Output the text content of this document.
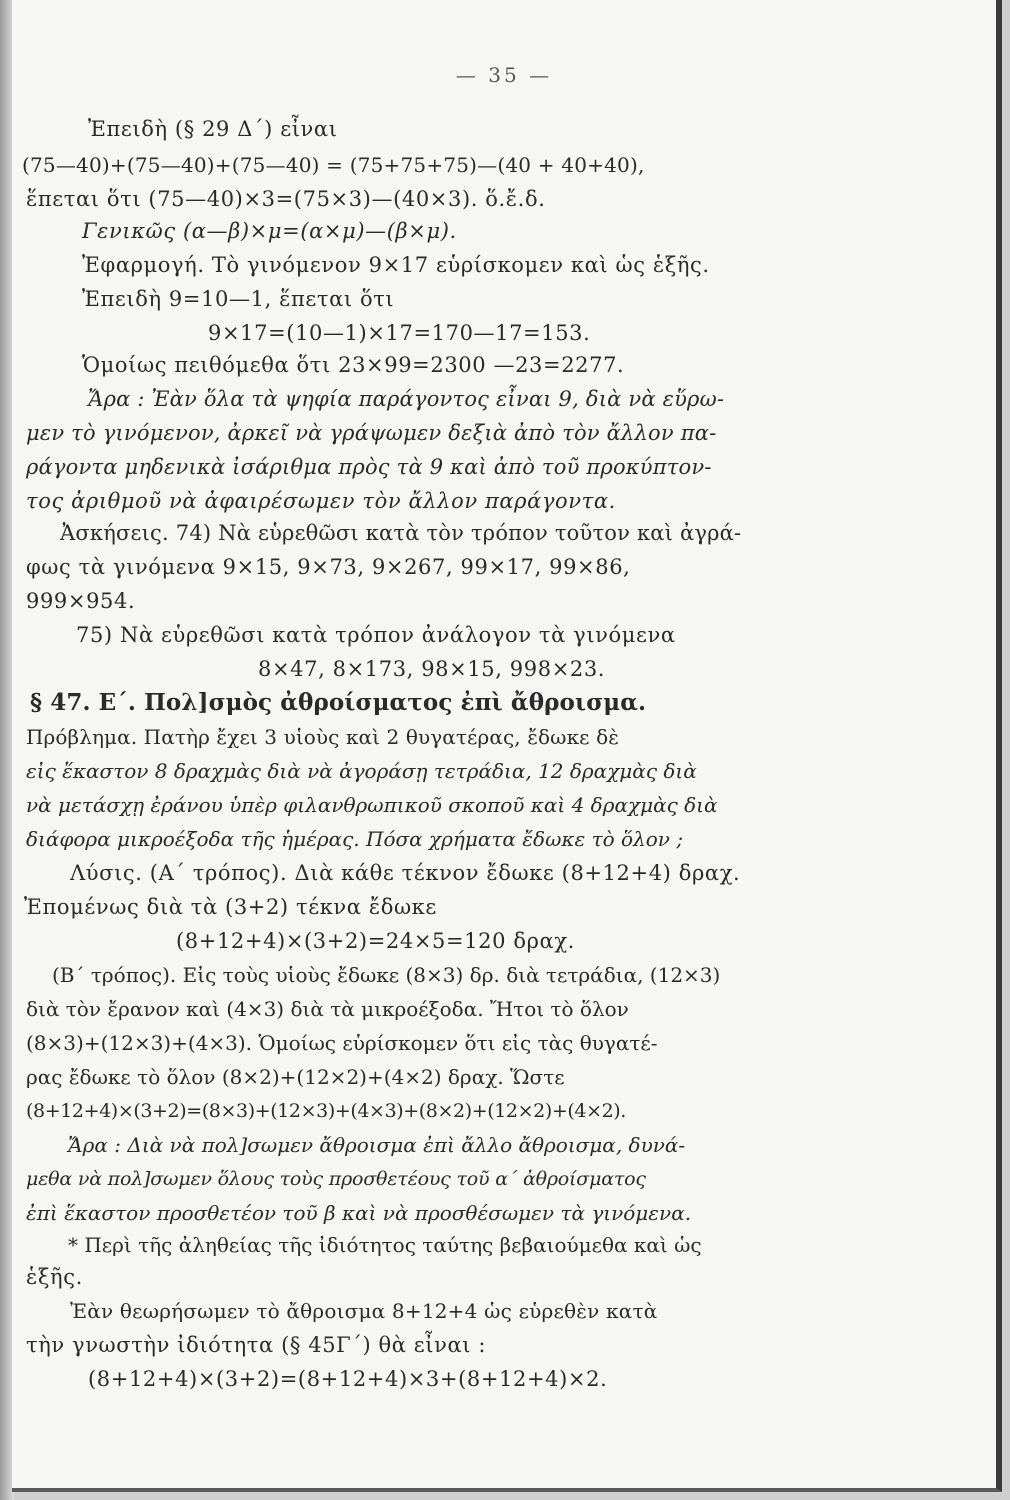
— 35 —
Ἐπειδὴ (§ 29 Δ΄) εἶναι
(75—40)+(75—40)+(75—40) = (75+75+75)—(40 + 40+40),
ἕπεται ὅτι (75—40)×3=(75×3)—(40×3). ὅ.ἔ.δ.
Γενικῶς (α—β)×μ=(α×μ)—(β×μ).
Ἐφαρμογή. Τὸ γινόμενον 9×17 εὑρίσκομεν καὶ ὡς ἑξῆς.
Ἐπειδὴ 9=10—1, ἕπεται ὅτι
9×17=(10—1)×17=170—17=153.
Ὁμοίως πειθόμεθα ὅτι 23×99=2300 —23=2277.
Ἄρα : Ἐὰν ὅλα τὰ ψηφία παράγοντος εἶναι 9, διὰ νὰ εὕρω-
μεν τὸ γινόμενον, ἀρκεῖ νὰ γράψωμεν δεξιὰ ἀπὸ τὸν ἄλλον πα-
ράγοντα μηδενικὰ ἰσάριθμα πρὸς τὰ 9 καὶ ἀπὸ τοῦ προκύπτον-
τος ἀριθμοῦ νὰ ἀφαιρέσωμεν τὸν ἄλλον παράγοντα.
Ἀσκήσεις. 74) Νὰ εὑρεθῶσι κατὰ τὸν τρόπον τοῦτον καὶ ἀγρά-
φως τὰ γινόμενα 9×15, 9×73, 9×267, 99×17, 99×86,
999×954.
75) Νὰ εὑρεθῶσι κατὰ τρόπον ἀνάλογον τὰ γινόμενα
8×47, 8×173, 98×15, 998×23.
§ 47. Ε΄. Πολ]σμὸς ἀθροίσματος ἐπὶ ἄθροισμα.
Πρόβλημα. Πατὴρ ἔχει 3 υἱοὺς καὶ 2 θυγατέρας, ἔδωκε δὲ
εἰς ἕκαστον 8 δραχμὰς διὰ νὰ ἀγοράσῃ τετράδια, 12 δραχμὰς διὰ
νὰ μετάσχῃ ἐράνου ὑπὲρ φιλανθρωπικοῦ σκοποῦ καὶ 4 δραχμὰς διὰ
διάφορα μικροέξοδα τῆς ἡμέρας. Πόσα χρήματα ἔδωκε τὸ ὅλον ;
Λύσις. (Α΄ τρόπος). Διὰ κάθε τέκνον ἔδωκε (8+12+4) δραχ.
Ἐπομένως διὰ τὰ (3+2) τέκνα ἔδωκε
(8+12+4)×(3+2)=24×5=120 δραχ.
(Β΄ τρόπος). Εἰς τοὺς υἱοὺς ἔδωκε (8×3) δρ. διὰ τετράδια, (12×3)
διὰ τὸν ἔρανον καὶ (4×3) διὰ τὰ μικροέξοδα. Ἤτοι τὸ ὅλον
(8×3)+(12×3)+(4×3). Ὁμοίως εὑρίσκομεν ὅτι εἰς τὰς θυγατέ-
ρας ἔδωκε τὸ ὅλον (8×2)+(12×2)+(4×2) δραχ. Ὥστε
(8+12+4)×(3+2)=(8×3)+(12×3)+(4×3)+(8×2)+(12×2)+(4×2).
Ἄρα : Διὰ νὰ πολ]σωμεν ἄθροισμα ἐπὶ ἄλλο ἄθροισμα, δυνά-
μεθα νὰ πολ]σωμεν ὅλους τοὺς προσθετέους τοῦ α΄ ἀθροίσματος
ἐπὶ ἕκαστον προσθετέον τοῦ β καὶ νὰ προσθέσωμεν τὰ γινόμενα.
* Περὶ τῆς ἀληθείας τῆς ἰδιότητος ταύτης βεβαιούμεθα καὶ ὡς
ἑξῆς.
Ἐὰν θεωρήσωμεν τὸ ἄθροισμα 8+12+4 ὡς εὑρεθὲν κατὰ
τὴν γνωστὴν ἰδιότητα (§ 45Γ΄) θὰ εἶναι :
(8+12+4)×(3+2)=(8+12+4)×3+(8+12+4)×2.
